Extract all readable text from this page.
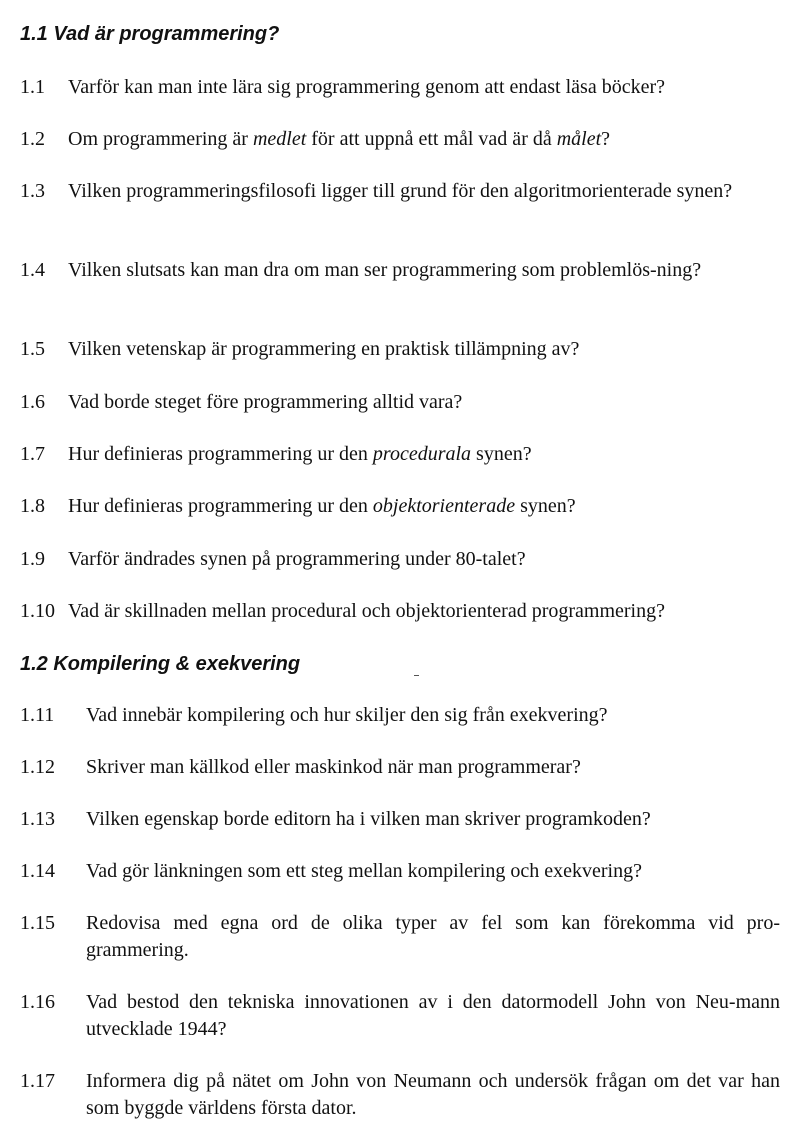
1.1 Vad är programmering?
1.1 Varför kan man inte lära sig programmering genom att endast läsa böcker?
1.2 Om programmering är medlet för att uppnå ett mål vad är då målet?
1.3 Vilken programmeringsfilosofi ligger till grund för den algoritmorienterade synen?
1.4 Vilken slutsats kan man dra om man ser programmering som problemlös-ning?
1.5 Vilken vetenskap är programmering en praktisk tillämpning av?
1.6 Vad borde steget före programmering alltid vara?
1.7 Hur definieras programmering ur den procedurala synen?
1.8 Hur definieras programmering ur den objektorienterade synen?
1.9 Varför ändrades synen på programmering under 80-talet?
1.10 Vad är skillnaden mellan procedural och objektorienterad programmering?
1.2 Kompilering & exekvering
1.11 Vad innebär kompilering och hur skiljer den sig från exekvering?
1.12 Skriver man källkod eller maskinkod när man programmerar?
1.13 Vilken egenskap borde editorn ha i vilken man skriver programkoden?
1.14 Vad gör länkningen som ett steg mellan kompilering och exekvering?
1.15 Redovisa med egna ord de olika typer av fel som kan förekomma vid pro-grammering.
1.16 Vad bestod den tekniska innovationen av i den datormodell John von Neu-mann utvecklade 1944?
1.17 Informera dig på nätet om John von Neumann och undersök frågan om det var han som byggde världens första dator.
